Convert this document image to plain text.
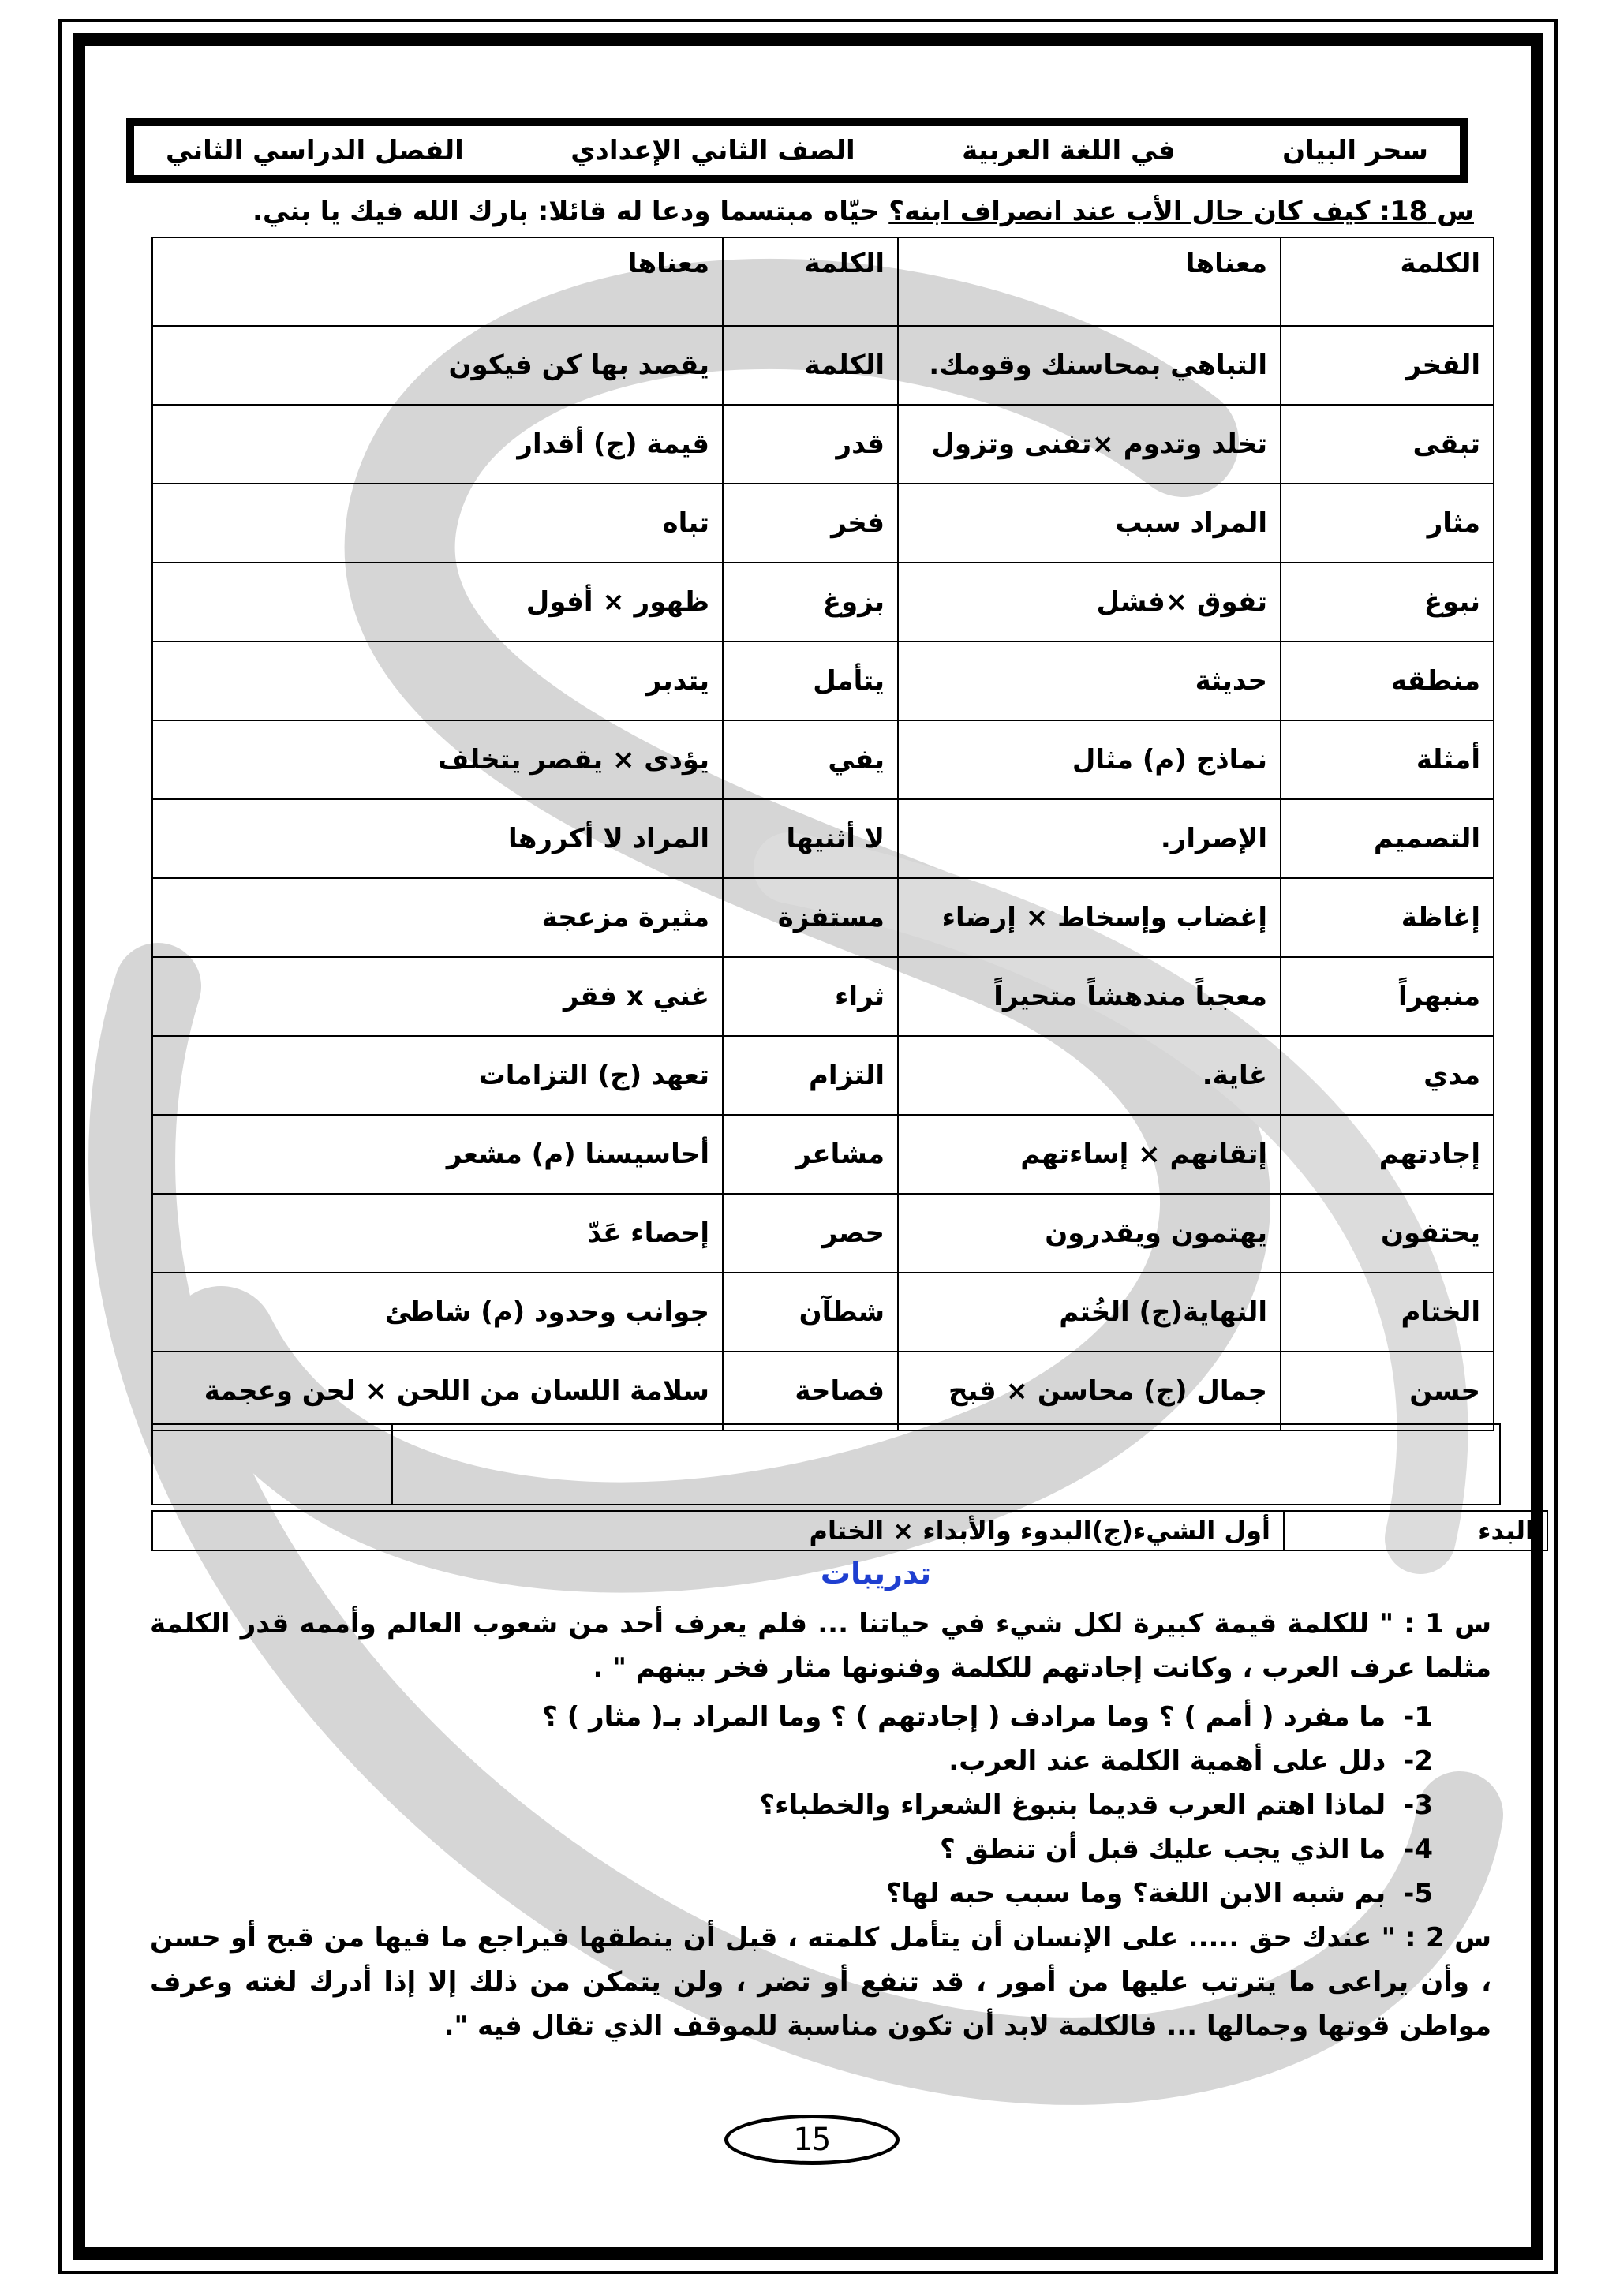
سحر البيان
في اللغة العربية
الصف الثاني الإعدادي
الفصل الدراسي الثاني
س 18: كيف كان حال الأب عند انصراف ابنه؟ حيّاه مبتسما ودعا له قائلا: بارك الله فيك يا بني.
الكلمة	معناها	الكلمة	معناها
الفخر	التباهي بمحاسنك وقومك.	الكلمة	يقصد بها كن فيكون
تبقى	تخلد وتدوم ×تفنى وتزول	قدر	قيمة (ج) أقدار
مثار	المراد سبب	فخر	تباه
نبوغ	تفوق ×فشل	بزوغ	ظهور × أفول
منطقه	حديثة	يتأمل	يتدبر
أمثلة	نماذج (م) مثال	يفي	يؤدى × يقصر يتخلف
التصميم	الإصرار.	لا أثنيها	المراد لا أكررها
إغاظة	إغضاب وإسخاط × إرضاء	مستفزة	مثيرة مزعجة
منبهراً	معجباً مندهشاً متحيراً	ثراء	غني x فقر
مدي	غاية.	التزام	تعهد (ج) التزامات
إجادتهم	إتقانهم × إساءتهم	مشاعر	أحاسيسنا (م) مشعر
يحتفون	يهتمون ويقدرون	حصر	إحصاء عَدّ
الختام	النهاية(ج) الخُتم	شطآن	جوانب وحدود (م) شاطئ
حسن	جمال (ج) محاسن × قبح	فصاحة	سلامة اللسان من اللحن × لحن وعجمة

البدء	أول الشيء(ج)البدوء والأبداء × الختام
تدريبات
س 1 : " للكلمة قيمة كبيرة لكل شيء في حياتنا ... فلم يعرف أحد من شعوب العالم وأممه قدر الكلمة مثلما عرف العرب ، وكانت إجادتهم للكلمة وفنونها مثار فخر بينهم " .
1- ما مفرد ( أمم ) ؟ وما مرادف ( إجادتهم ) ؟ وما المراد بـ( مثار ) ؟
2- دلل على أهمية الكلمة عند العرب.
3- لماذا اهتم العرب قديما بنبوغ الشعراء والخطباء؟
4- ما الذي يجب عليك قبل أن تنطق ؟
5- بم شبه الابن اللغة؟ وما سبب حبه لها؟
س 2 : " عندك حق ..... على الإنسان أن يتأمل كلمته ، قبل أن ينطقها فيراجع ما فيها من قبح أو حسن ، وأن يراعى ما يترتب عليها من أمور ، قد تنفع أو تضر ، ولن يتمكن من ذلك إلا إذا أدرك لغته وعرف مواطن قوتها وجمالها ... فالكلمة لابد أن تكون مناسبة للموقف الذي تقال فيه ".
15
